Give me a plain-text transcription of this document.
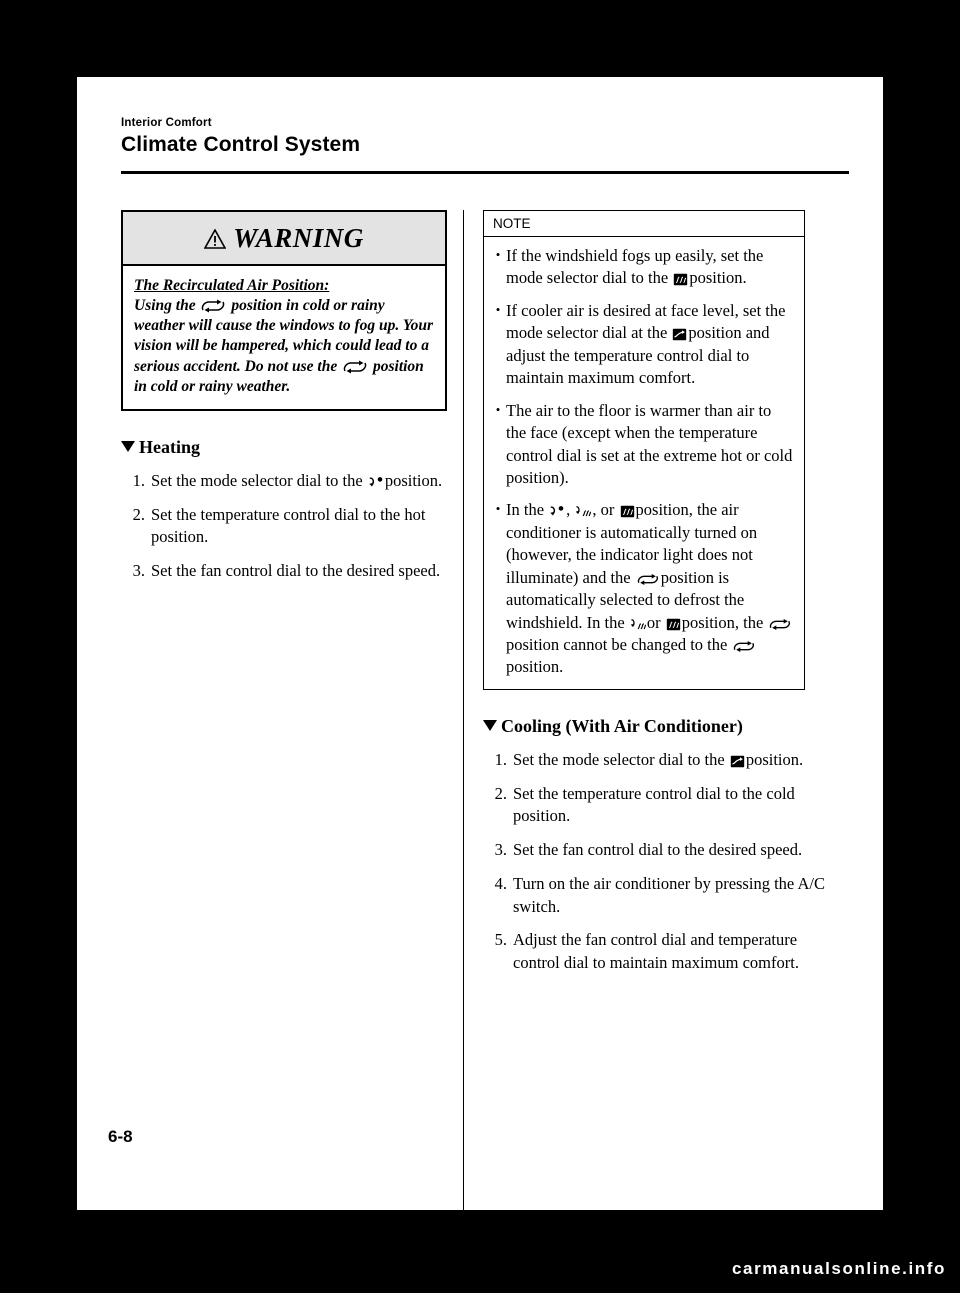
Interior Comfort
Climate Control System
WARNING
The Recirculated Air Position:
Using the position in cold or rainy weather will cause the windows to fog up. Your vision will be hampered, which could lead to a serious accident. Do not use the position in cold or rainy weather.
Heating
1. Set the mode selector dial to the position.
2. Set the temperature control dial to the hot position.
3. Set the fan control dial to the desired speed.
NOTE
• If the windshield fogs up easily, set the mode selector dial to the position.
• If cooler air is desired at face level, set the mode selector dial at the position and adjust the temperature control dial to maintain maximum comfort.
• The air to the floor is warmer than air to the face (except when the temperature control dial is set at the extreme hot or cold position).
• In the , , or position, the air conditioner is automatically turned on (however, the indicator light does not illuminate) and the position is automatically selected to defrost the windshield. In the or position, the
position cannot be changed to the
position.
Cooling (With Air Conditioner)
1. Set the mode selector dial to the position.
2. Set the temperature control dial to the cold position.
3. Set the fan control dial to the desired speed.
4. Turn on the air conditioner by pressing the A/C switch.
5. Adjust the fan control dial and temperature control dial to maintain maximum comfort.
6-8
carmanualsonline.info
